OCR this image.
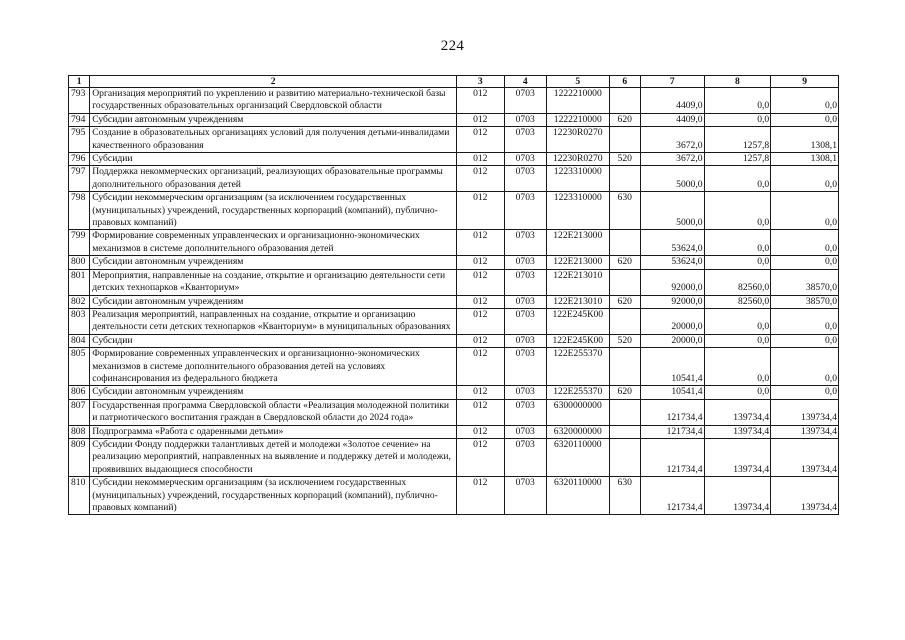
224
1	2	3	4	5	6	7	8	9
793	Организация мероприятий по укреплению и развитию материально-технической базы государственных образовательных организаций Свердловской области	012	0703	1222210000		4409,0	0,0	0,0
794	Субсидии автономным учреждениям	012	0703	1222210000	620	4409,0	0,0	0,0
795	Создание в образовательных организациях условий для получения детьми-инвалидами качественного образования	012	0703	12230R0270		3672,0	1257,8	1308,1
796	Субсидии	012	0703	12230R0270	520	3672,0	1257,8	1308,1
797	Поддержка некоммерческих организаций, реализующих образовательные программы дополнительного образования детей	012	0703	1223310000		5000,0	0,0	0,0
798	Субсидии некоммерческим организациям (за исключением государственных (муниципальных) учреждений, государственных корпораций (компаний), публично-правовых компаний)	012	0703	1223310000	630	5000,0	0,0	0,0
799	Формирование современных управленческих и организационно-экономических механизмов в системе дополнительного образования детей	012	0703	122Е213000		53624,0	0,0	0,0
800	Субсидии автономным учреждениям	012	0703	122Е213000	620	53624,0	0,0	0,0
801	Мероприятия, направленные на создание, открытие и организацию деятельности сети детских технопарков «Кванториум»	012	0703	122Е213010		92000,0	82560,0	38570,0
802	Субсидии автономным учреждениям	012	0703	122Е213010	620	92000,0	82560,0	38570,0
803	Реализация мероприятий, направленных на создание, открытие и организацию деятельности сети детских технопарков «Кванториум» в муниципальных образованиях	012	0703	122Е245К00		20000,0	0,0	0,0
804	Субсидии	012	0703	122Е245К00	520	20000,0	0,0	0,0
805	Формирование современных управленческих и организационно-экономических механизмов в системе дополнительного образования детей на условиях софинансирования из федерального бюджета	012	0703	122Е255370		10541,4	0,0	0,0
806	Субсидии автономным учреждениям	012	0703	122Е255370	620	10541,4	0,0	0,0
807	Государственная программа Свердловской области «Реализация молодежной политики и патриотического воспитания граждан в Свердловской области до 2024 года»	012	0703	6300000000		121734,4	139734,4	139734,4
808	Подпрограмма «Работа с одаренными детьми»	012	0703	6320000000		121734,4	139734,4	139734,4
809	Субсидии Фонду поддержки талантливых детей и молодежи «Золотое сечение» на реализацию мероприятий, направленных на выявление и поддержку детей и молодежи, проявивших выдающиеся способности	012	0703	6320110000		121734,4	139734,4	139734,4
810	Субсидии некоммерческим организациям (за исключением государственных (муниципальных) учреждений, государственных корпораций (компаний), публично-правовых компаний)	012	0703	6320110000	630	121734,4	139734,4	139734,4
